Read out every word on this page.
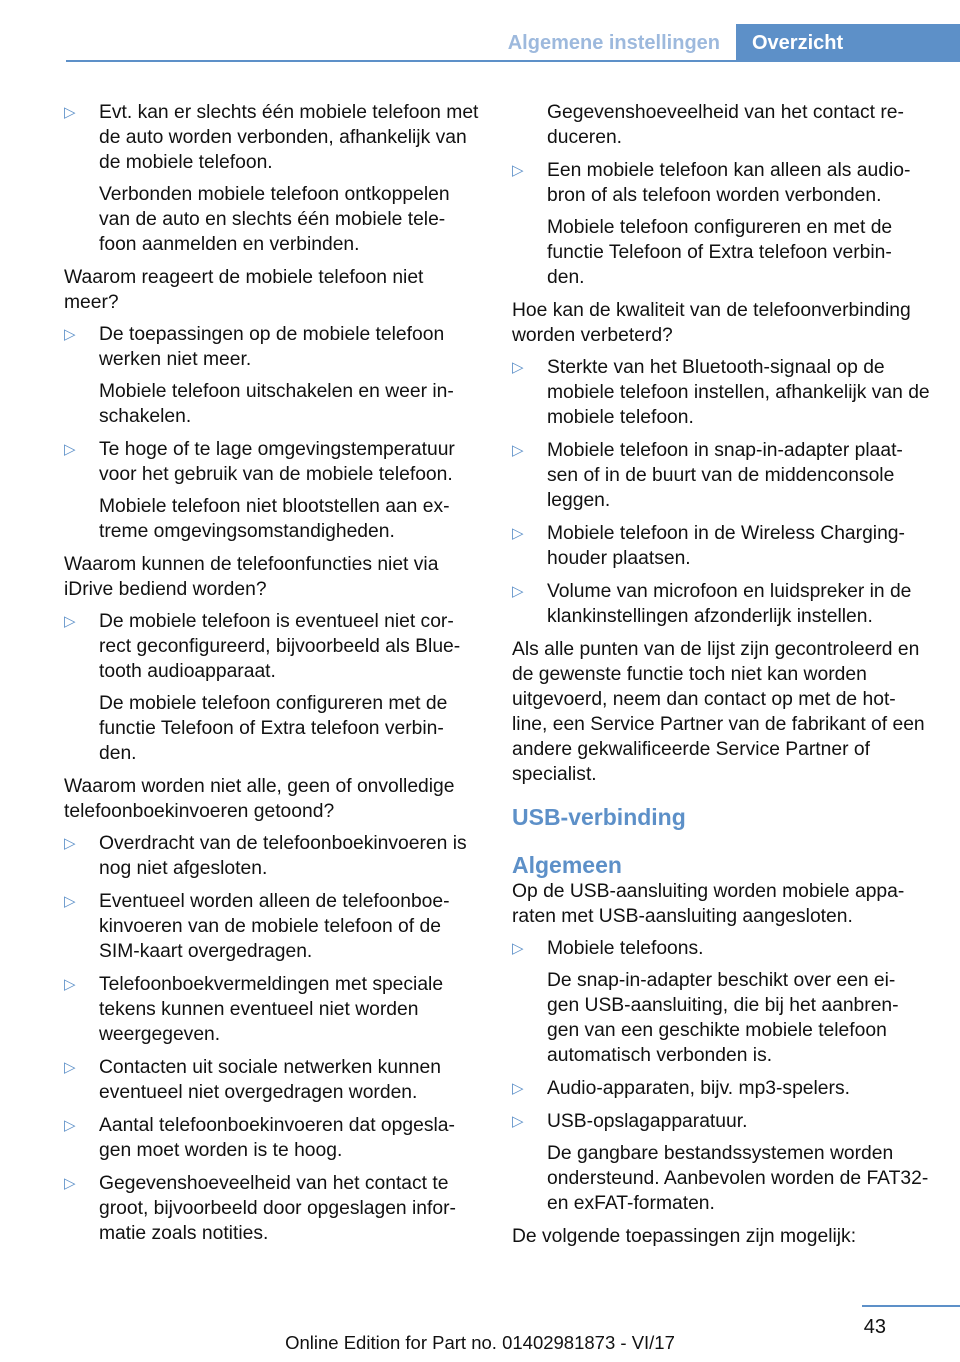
Algemene instellingen	Overzicht
▷ Evt. kan er slechts één mobiele telefoon met de auto worden verbonden, afhankelijk van de mobiele telefoon.

Verbonden mobiele telefoon ontkoppelen van de auto en slechts één mobiele tele‐ foon aanmelden en verbinden.

Waarom reageert de mobiele telefoon niet meer?

▷ De toepassingen op de mobiele telefoon werken niet meer.

Mobiele telefoon uitschakelen en weer in‐ schakelen.

▷ Te hoge of te lage omgevingstemperatuur voor het gebruik van de mobiele telefoon.

Mobiele telefoon niet blootstellen aan ex‐ treme omgevingsomstandigheden.

Waarom kunnen de telefoonfuncties niet via iDrive bediend worden?

▷ De mobiele telefoon is eventueel niet cor‐ rect geconfigureerd, bijvoorbeeld als Blue‐ tooth audioapparaat.

De mobiele telefoon configureren met de functie Telefoon of Extra telefoon verbin‐ den.

Waarom worden niet alle, geen of onvolledige telefoonboekinvoeren getoond?

▷ Overdracht van de telefoonboekinvoeren is nog niet afgesloten.

▷ Eventueel worden alleen de telefoonboe‐ kinvoeren van de mobiele telefoon of de SIM-kaart overgedragen.

▷ Telefoonboekvermeldingen met speciale tekens kunnen eventueel niet worden weergegeven.

▷ Contacten uit sociale netwerken kunnen eventueel niet overgedragen worden.

▷ Aantal telefoonboekinvoeren dat opgesla‐ gen moet worden is te hoog.

▷ Gegevenshoeveelheid van het contact te groot, bijvoorbeeld door opgeslagen infor‐ matie zoals notities.

Gegevenshoeveelheid van het contact re‐ duceren.

▷ Een mobiele telefoon kan alleen als audio‐ bron of als telefoon worden verbonden.

Mobiele telefoon configureren en met de functie Telefoon of Extra telefoon verbin‐ den.

Hoe kan de kwaliteit van de telefoonverbinding worden verbeterd?

▷ Sterkte van het Bluetooth-signaal op de mobiele telefoon instellen, afhankelijk van de mobiele telefoon.

▷ Mobiele telefoon in snap-in-adapter plaat‐ sen of in de buurt van de middenconsole leggen.

▷ Mobiele telefoon in de Wireless Charging- houder plaatsen.

▷ Volume van microfoon en luidspreker in de klankinstellingen afzonderlijk instellen.

Als alle punten van de lijst zijn gecontroleerd en de gewenste functie toch niet kan worden uitgevoerd, neem dan contact op met de hot‐ line, een Service Partner van de fabrikant of een andere gekwalificeerde Service Partner of specialist.

USB-verbinding
Algemeen

Op de USB-aansluiting worden mobiele appa‐ raten met USB-aansluiting aangesloten.

▷ Mobiele telefoons.

De snap-in-adapter beschikt over een ei‐ gen USB-aansluiting, die bij het aanbren‐ gen van een geschikte mobiele telefoon automatisch verbonden is.

▷ Audio-apparaten, bijv. mp3-spelers.

▷ USB-opslagapparatuur.

De gangbare bestandssystemen worden ondersteund. Aanbevolen worden de FAT32- en exFAT-formaten.

De volgende toepassingen zijn mogelijk:

43
Online Edition for Part no. 01402981873 - VI/17
